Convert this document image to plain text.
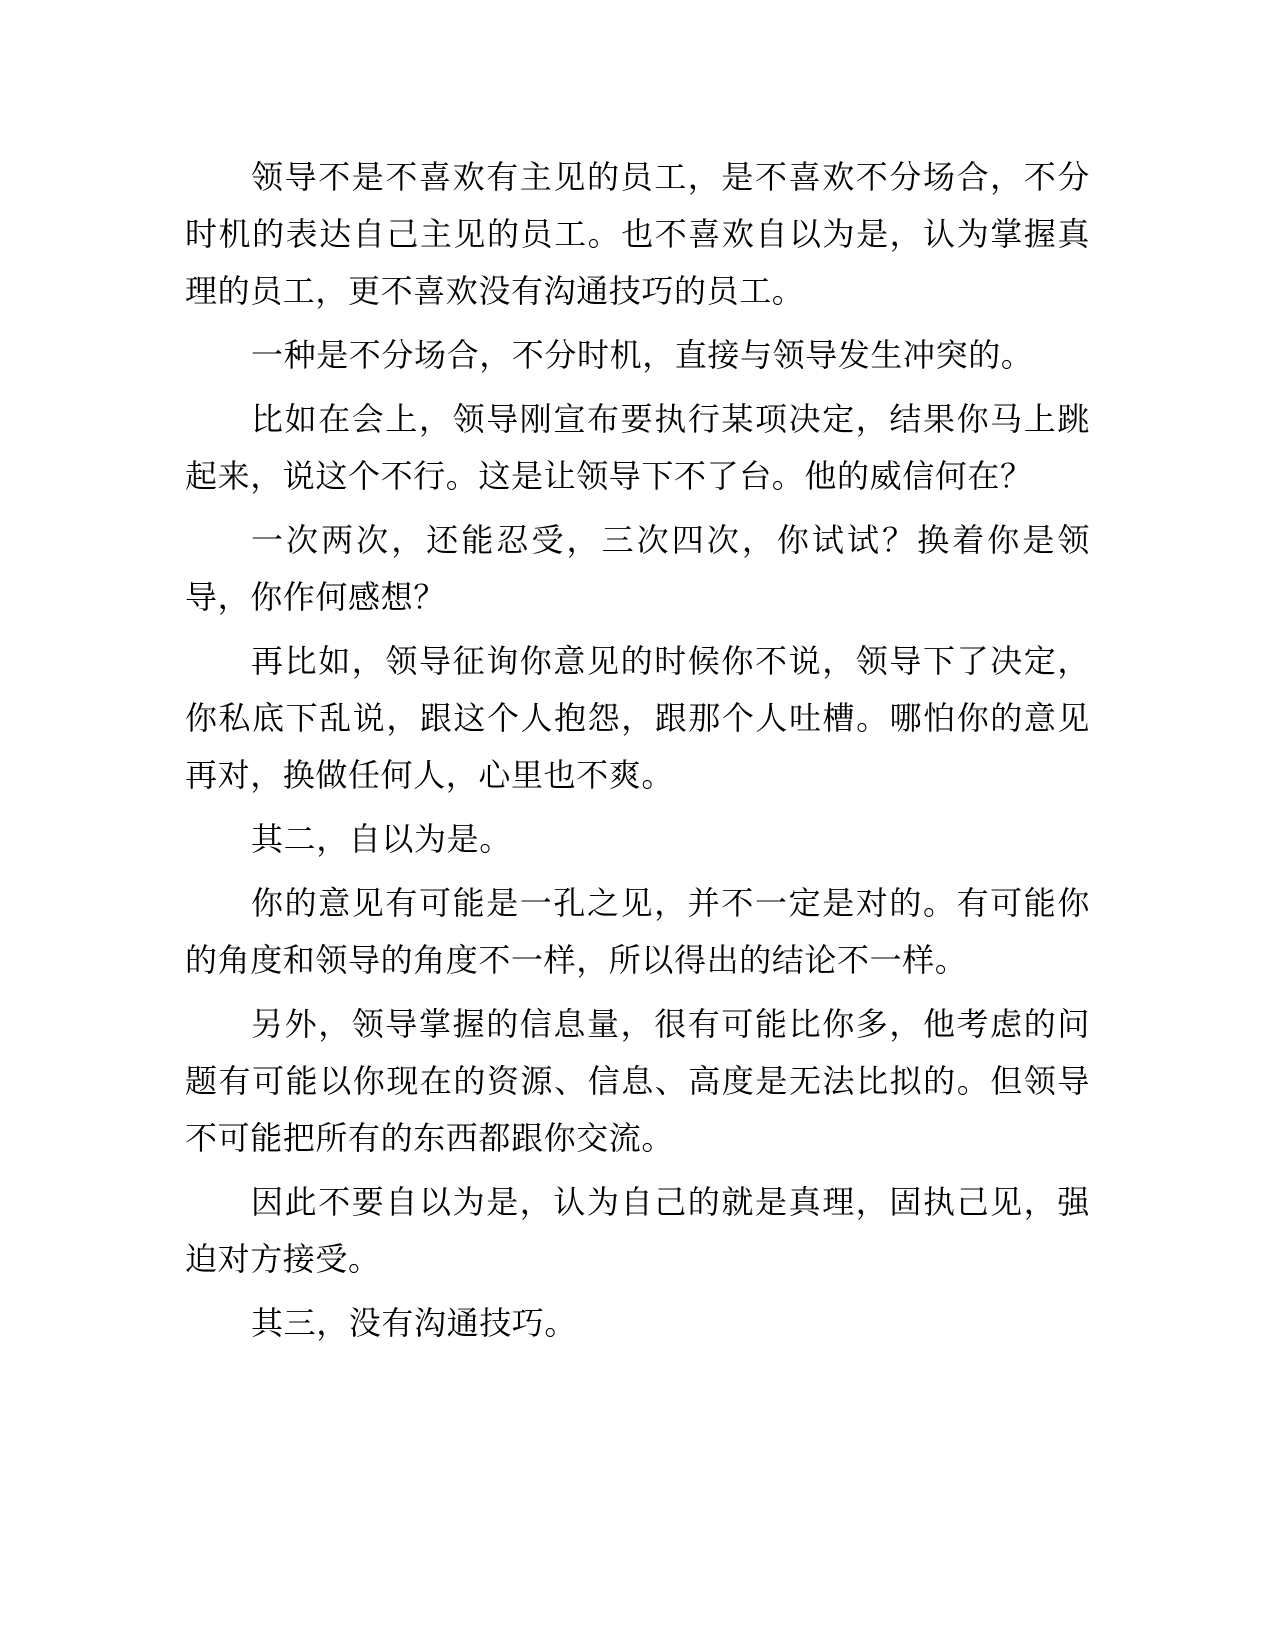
领导不是不喜欢有主见的员工，是不喜欢不分场合，不分时机的表达自己主见的员工。也不喜欢自以为是，认为掌握真理的员工，更不喜欢没有沟通技巧的员工。

一种是不分场合，不分时机，直接与领导发生冲突的。

比如在会上，领导刚宣布要执行某项决定，结果你马上跳起来，说这个不行。这是让领导下不了台。他的威信何在？

一次两次，还能忍受，三次四次，你试试？换着你是领导，你作何感想？

再比如，领导征询你意见的时候你不说，领导下了决定，你私底下乱说，跟这个人抱怨，跟那个人吐槽。哪怕你的意见再对，换做任何人，心里也不爽。

其二，自以为是。

你的意见有可能是一孔之见，并不一定是对的。有可能你的角度和领导的角度不一样，所以得出的结论不一样。

另外，领导掌握的信息量，很有可能比你多，他考虑的问题有可能以你现在的资源、信息、高度是无法比拟的。但领导不可能把所有的东西都跟你交流。

因此不要自以为是，认为自己的就是真理，固执己见，强迫对方接受。

其三，没有沟通技巧。
